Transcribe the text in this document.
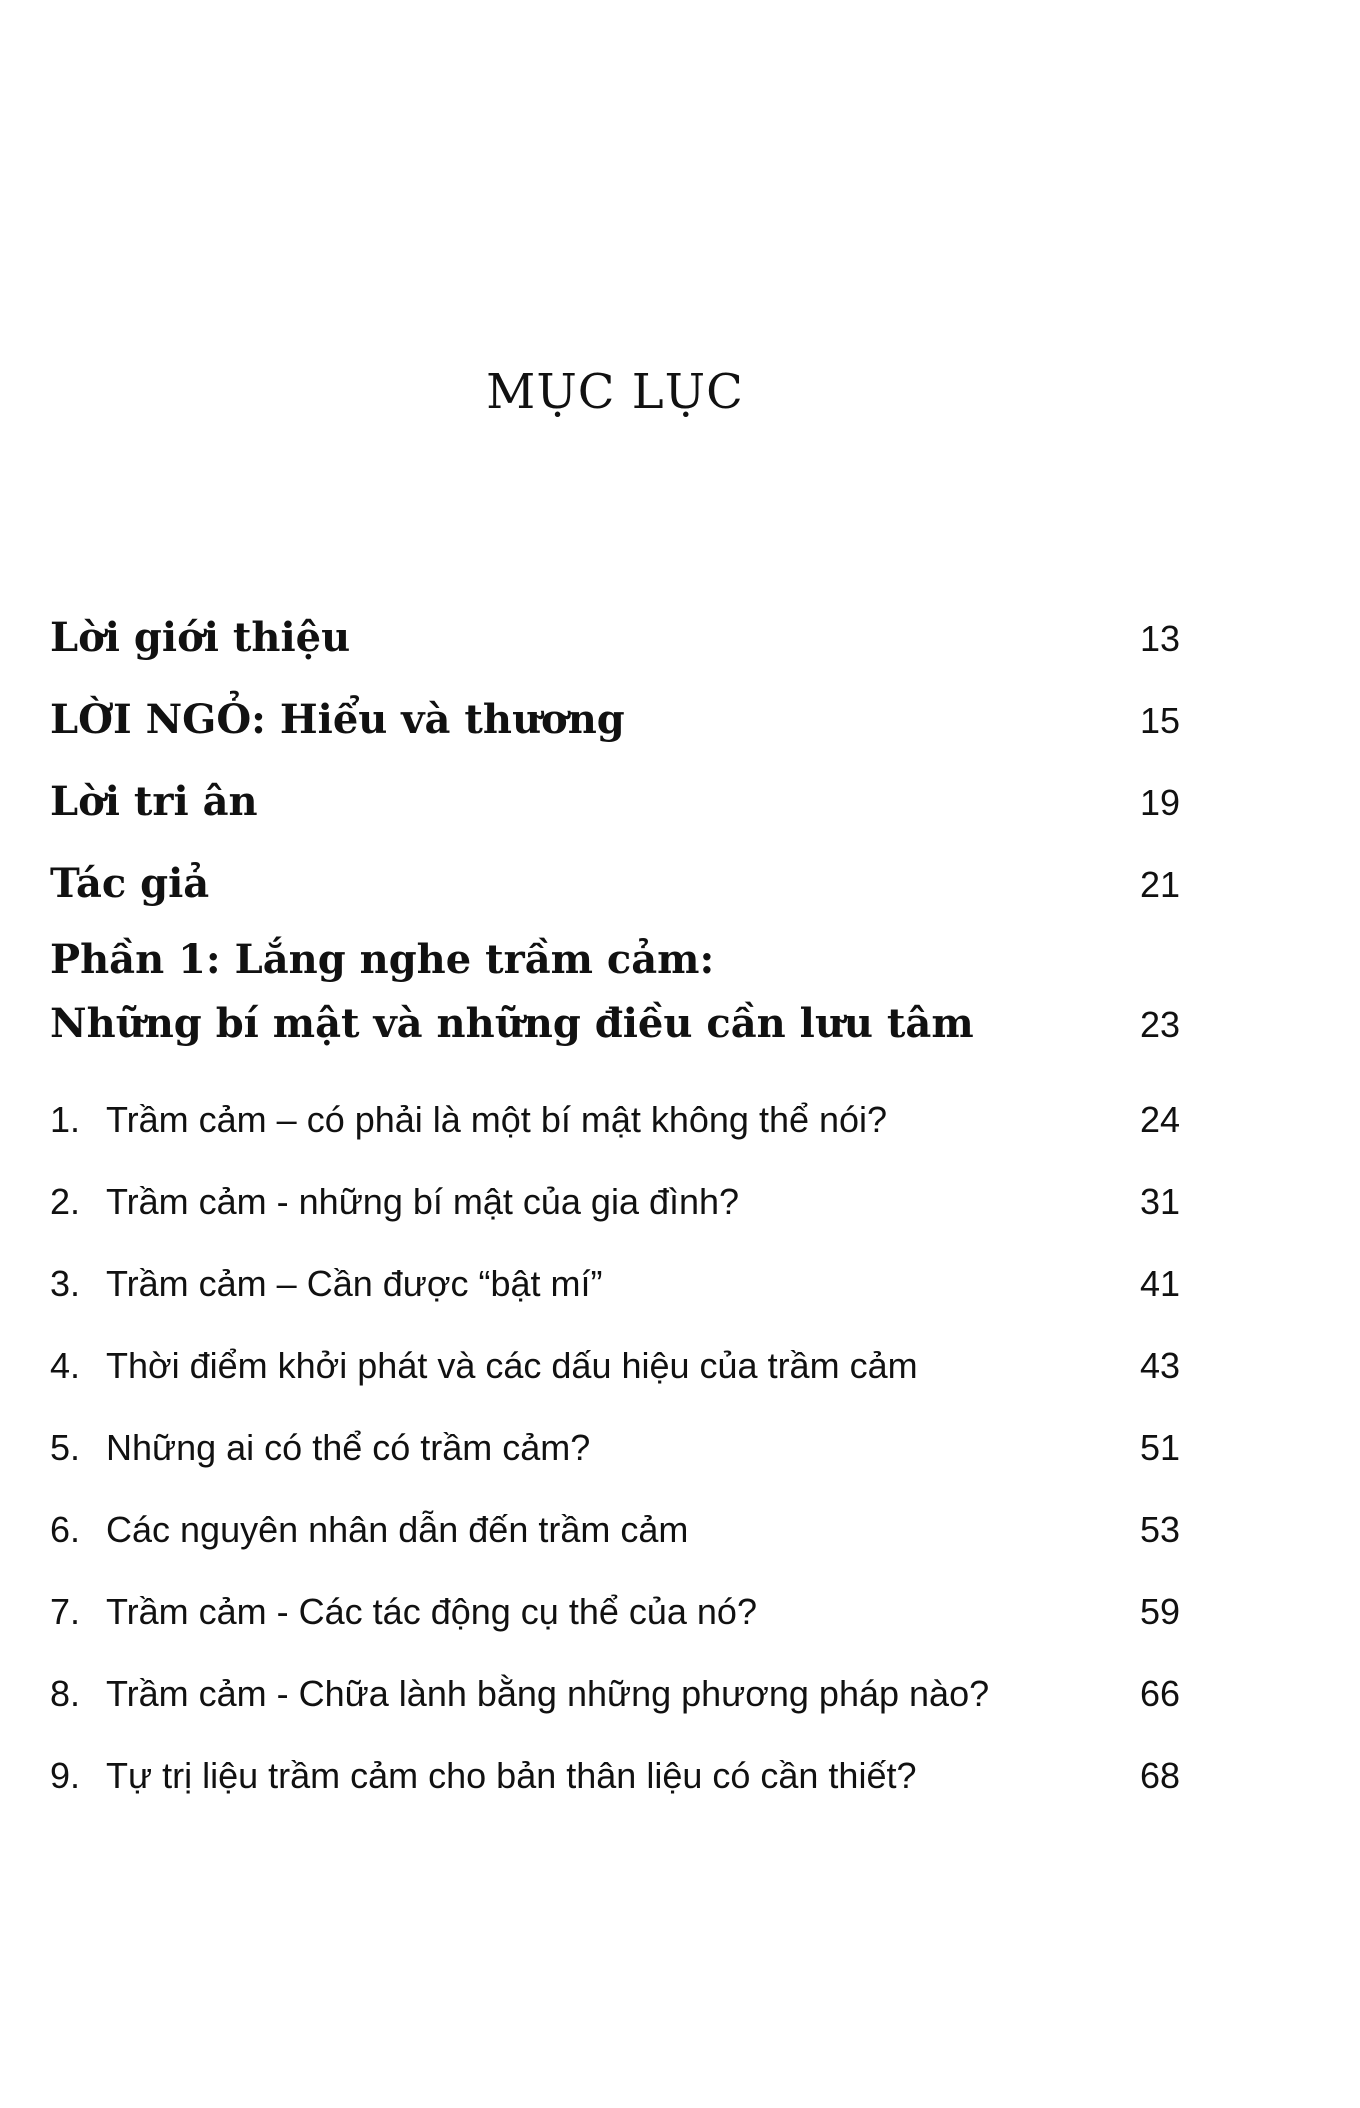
MỤC LỤC
Lời giới thiệu	13
LỜI NGỎ: Hiểu và thương	15
Lời tri ân	19
Tác giả	21
Phần 1: Lắng nghe trầm cảm:
Những bí mật và những điều cần lưu tâm	23
1. Trầm cảm – có phải là một bí mật không thể nói?	24
2. Trầm cảm - những bí mật của gia đình?	31
3. Trầm cảm – Cần được “bật mí”	41
4. Thời điểm khởi phát và các dấu hiệu của trầm cảm	43
5. Những ai có thể có trầm cảm?	51
6. Các nguyên nhân dẫn đến trầm cảm	53
7. Trầm cảm - Các tác động cụ thể của nó?	59
8. Trầm cảm - Chữa lành bằng những phương pháp nào?	66
9. Tự trị liệu trầm cảm cho bản thân liệu có cần thiết?	68
